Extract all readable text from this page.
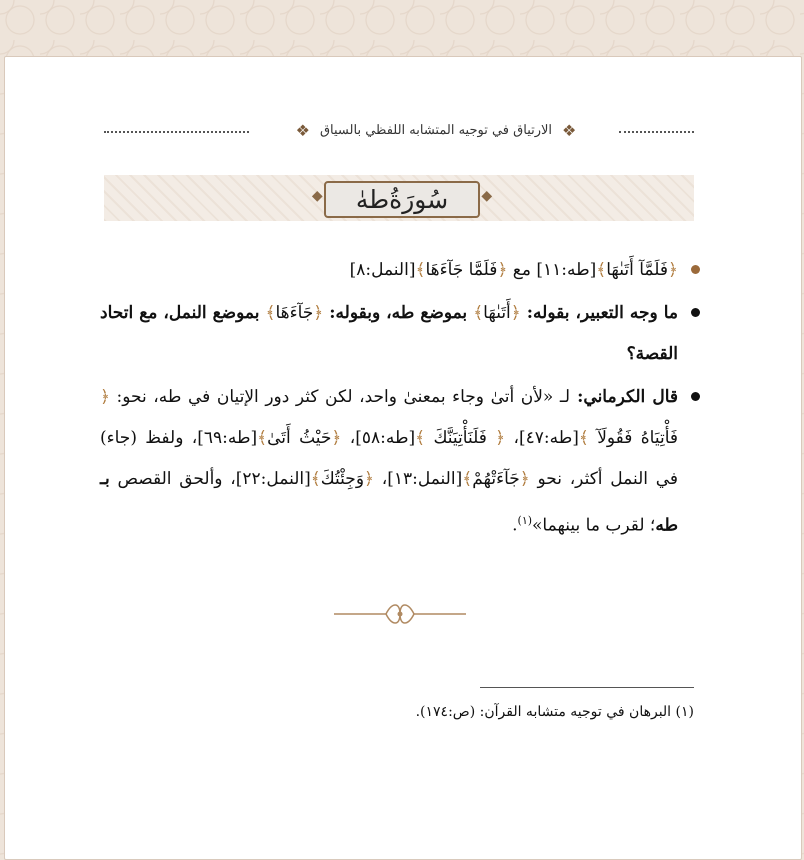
❖ الارتياق في توجيه المتشابه اللفظي بالسياق ❖
◆ سُورَةُطهٰ ◆
﴿فَلَمَّآ أَتَىٰهَا﴾[طه:١١] مع ﴿فَلَمَّا جَآءَهَا﴾[النمل:٨]
ما وجه التعبير، بقوله: ﴿أَتَىٰهَا﴾ بموضع طه، وبقوله: ﴿جَآءَهَا﴾ بموضع النمل، مع اتحاد القصة؟
قال الكرماني: لـ «لأن أتىٰ وجاء بمعنىٰ واحد، لكن كثر دور الإتيان في طه، نحو: ﴿ فَأْتِيَاهُ فَقُولَآ ﴾[طه:٤٧]، ﴿ فَلَنَأْتِيَنَّكَ ﴾[طه:٥٨]، ﴿حَيْثُ أَتَىٰ﴾[طه:٦٩]، ولفظ (جاء) في النمل أكثر، نحو ﴿جَآءَتْهُمْ﴾[النمل:١٣]، ﴿وَجِئْتُكَ﴾[النمل:٢٢]، وألحق القصص بـ طه؛ لقرب ما بينهما»$^{(١)}$.
(١) البرهان في توجيه متشابه القرآن: (ص:١٧٤).
